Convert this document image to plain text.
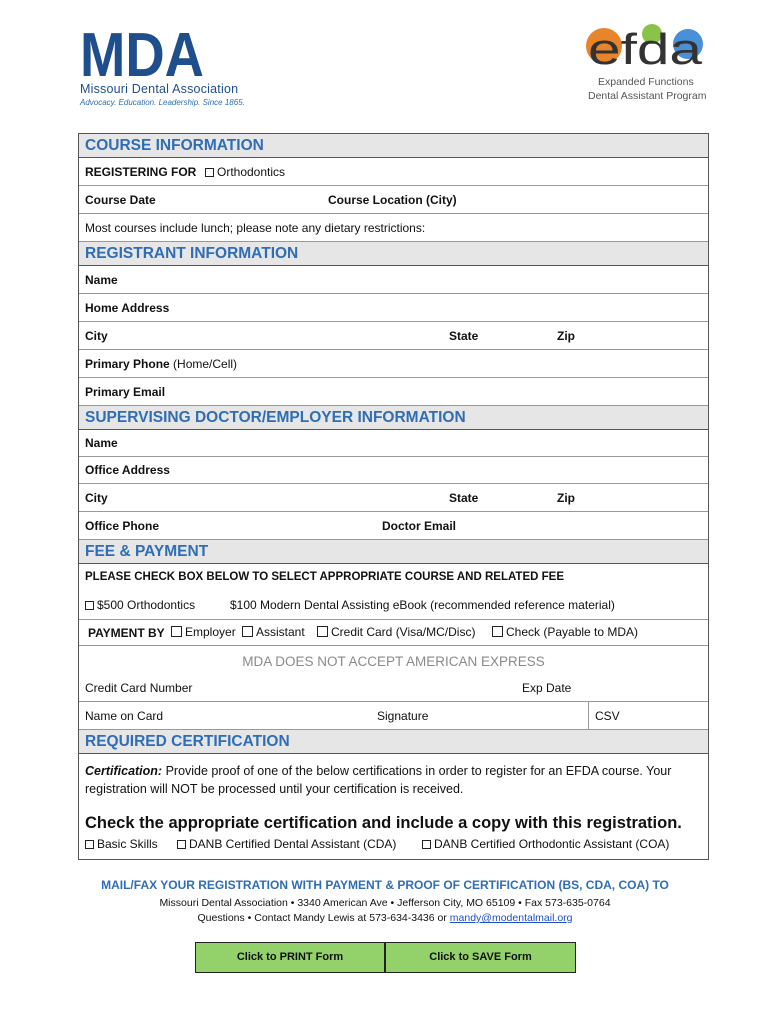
MDA
Missouri Dental Association
Advocacy. Education. Leadership. Since 1865.
efda
Expanded Functions
Dental Assistant Program
COURSE INFORMATION
REGISTERING FOR	Orthodontics
Course Date	Course Location (City)
Most courses include lunch; please note any dietary restrictions:
REGISTRANT INFORMATION
Name
Home Address
City	State	Zip
Primary Phone (Home/Cell)
Primary Email
SUPERVISING DOCTOR/EMPLOYER INFORMATION
Name
Office Address
City	State	Zip
Office Phone	Doctor Email
FEE & PAYMENT
PLEASE CHECK BOX BELOW TO SELECT APPROPRIATE COURSE AND RELATED FEE
$500 Orthodontics	$100 Modern Dental Assisting eBook (recommended reference material)
PAYMENT BY	Employer	Assistant	Credit Card (Visa/MC/Disc)	Check (Payable to MDA)
MDA DOES NOT ACCEPT AMERICAN EXPRESS
Credit Card Number	Exp Date
Name on Card	Signature	CSV
REQUIRED CERTIFICATION
Certification: Provide proof of one of the below certifications in order to register for an EFDA course. Your registration will NOT be processed until your certification is received.
Check the appropriate certification and include a copy with this registration.
Basic Skills	DANB Certified Dental Assistant (CDA)	DANB Certified Orthodontic Assistant (COA)
MAIL/FAX YOUR REGISTRATION WITH PAYMENT & PROOF OF CERTIFICATION (BS, CDA, COA) TO
Missouri Dental Association • 3340 American Ave • Jefferson City, MO 65109 • Fax 573-635-0764
Questions • Contact Mandy Lewis at 573-634-3436 or mandy@modentalmail.org
Click to PRINT Form	Click to SAVE Form
